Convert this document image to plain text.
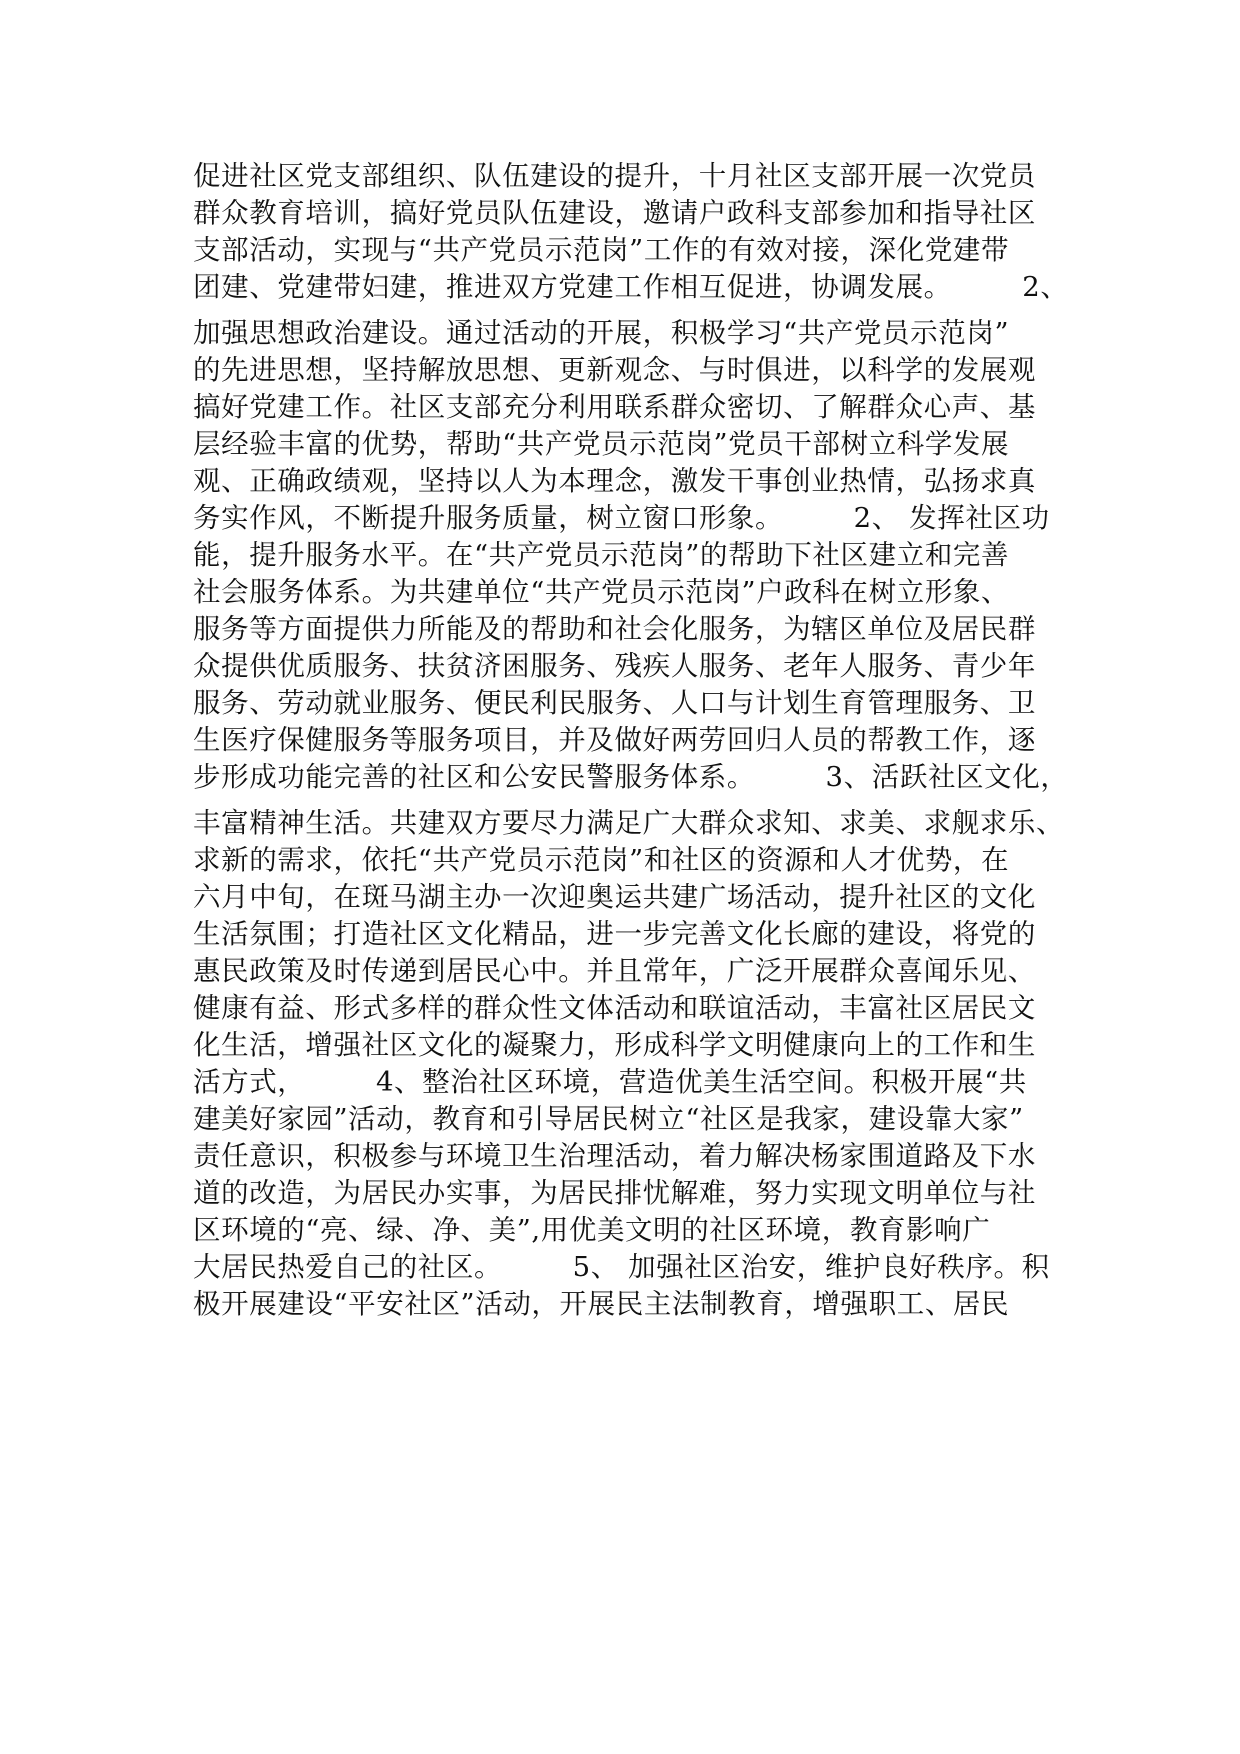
促进社区党支部组织、队伍建设的提升，十月社区支部开展一次党员
群众教育培训，搞好党员队伍建设，邀请户政科支部参加和指导社区
支部活动，实现与“共产党员示范岗”工作的有效对接，深化党建带
团建、党建带妇建，推进双方党建工作相互促进，协调发展。　　　2、
加强思想政治建设。通过活动的开展，积极学习“共产党员示范岗”
的先进思想，坚持解放思想、更新观念、与时俱进，以科学的发展观
搞好党建工作。社区支部充分利用联系群众密切、了解群众心声、基
层经验丰富的优势，帮助“共产党员示范岗”党员干部树立科学发展
观、正确政绩观，坚持以人为本理念，激发干事创业热情，弘扬求真
务实作风，不断提升服务质量，树立窗口形象。　　　2、 发挥社区功
能，提升服务水平。在“共产党员示范岗”的帮助下社区建立和完善
社会服务体系。为共建单位“共产党员示范岗”户政科在树立形象、
服务等方面提供力所能及的帮助和社会化服务，为辖区单位及居民群
众提供优质服务、扶贫济困服务、残疾人服务、老年人服务、青少年
服务、劳动就业服务、便民利民服务、人口与计划生育管理服务、卫
生医疗保健服务等服务项目，并及做好两劳回归人员的帮教工作，逐
步形成功能完善的社区和公安民警服务体系。　　　3、活跃社区文化，
丰富精神生活。共建双方要尽力满足广大群众求知、求美、求舰求乐、
求新的需求，依托“共产党员示范岗”和社区的资源和人才优势，在
六月中旬，在斑马湖主办一次迎奥运共建广场活动，提升社区的文化
生活氛围；打造社区文化精品，进一步完善文化长廊的建设，将党的
惠民政策及时传递到居民心中。并且常年，广泛开展群众喜闻乐见、
健康有益、形式多样的群众性文体活动和联谊活动，丰富社区居民文
化生活，增强社区文化的凝聚力，形成科学文明健康向上的工作和生
活方式，　　　4、整治社区环境，营造优美生活空间。积极开展“共
建美好家园”活动，教育和引导居民树立“社区是我家，建设靠大家”
责任意识，积极参与环境卫生治理活动，着力解决杨家围道路及下水
道的改造，为居民办实事，为居民排忧解难，努力实现文明单位与社
区环境的“亮、绿、净、美”,用优美文明的社区环境，教育影响广
大居民热爱自己的社区。　　　5、 加强社区治安，维护良好秩序。积
极开展建设“平安社区”活动，开展民主法制教育，增强职工、居民
